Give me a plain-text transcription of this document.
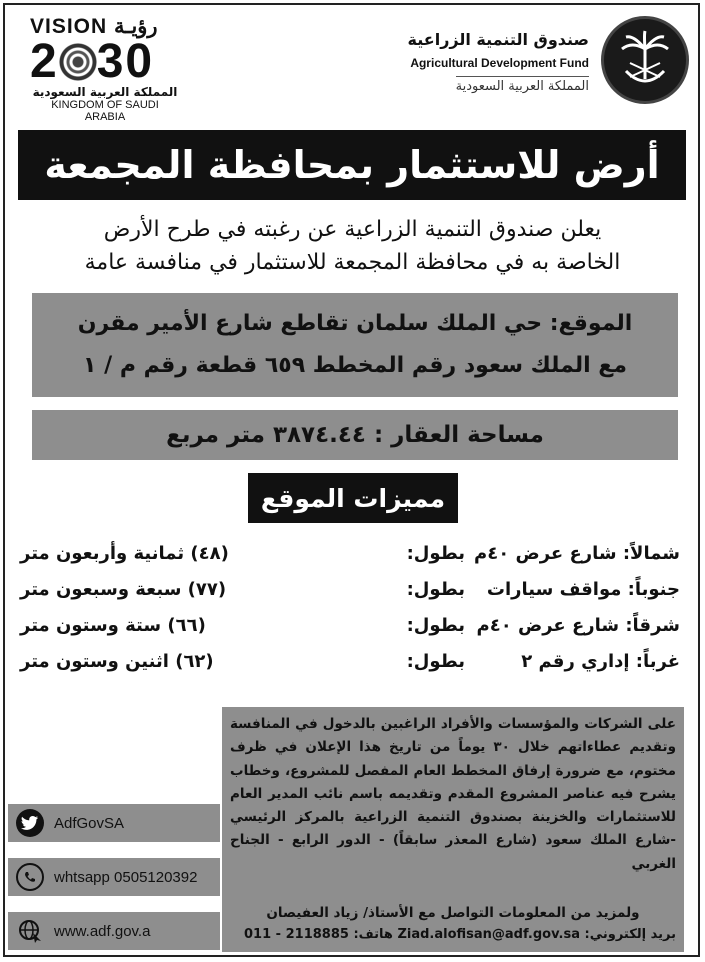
VISION رؤيـة
2 30
المملكة العربية السعودية
KINGDOM OF SAUDI ARABIA
صندوق التنمية الزراعية
Agricultural Development Fund
المملكة العربية السعودية
أرض للاستثمار بمحافظة المجمعة
يعلن صندوق التنمية الزراعية عن رغبته في طرح الأرض
الخاصة به في محافظة المجمعة للاستثمار في منافسة عامة
الموقع: حي الملك سلمان تقاطع شارع الأمير مقرن
مع الملك سعود رقم المخطط ٦٥٩ قطعة رقم م / ١
مساحة العقار : ٣٨٧٤.٤٤ متر مربع
مميزات الموقع
شمالاً: شارع عرض ٤٠م
بطول:
(٤٨) ثمانية وأربعون متر
جنوباً: مواقف سيارات
بطول:
(٧٧) سبعة وسبعون متر
شرقاً: شارع عرض ٤٠م
بطول:
(٦٦) ستة وستون متر
غرباً: إداري رقم ٢
بطول:
(٦٢) اثنين وستون متر
على الشركات والمؤسسات والأفراد الراغبين بالدخول في المنافسة وتقديم عطاءاتهم خلال ٣٠ يوماً من تاريخ هذا الإعلان في ظرف مختوم، مع ضرورة إرفاق المخطط العام المفصل للمشروع، وخطاب يشرح فيه عناصر المشروع المقدم وتقديمه باسم نائب المدير العام للاستثمارات والخزينة بصندوق التنمية الزراعية بالمركز الرئيسي -شارع الملك سعود (شارع المعذر سابقاً) - الدور الرابع - الجناح الغربي
ولمزيد من المعلومات التواصل مع الأستاذ/ زياد العفيصان
بريد إلكتروني: Ziad.alofisan@adf.gov.sa هاتف: 2118885 - 011
AdfGovSA
whtsapp 0505120392
www.adf.gov.a
